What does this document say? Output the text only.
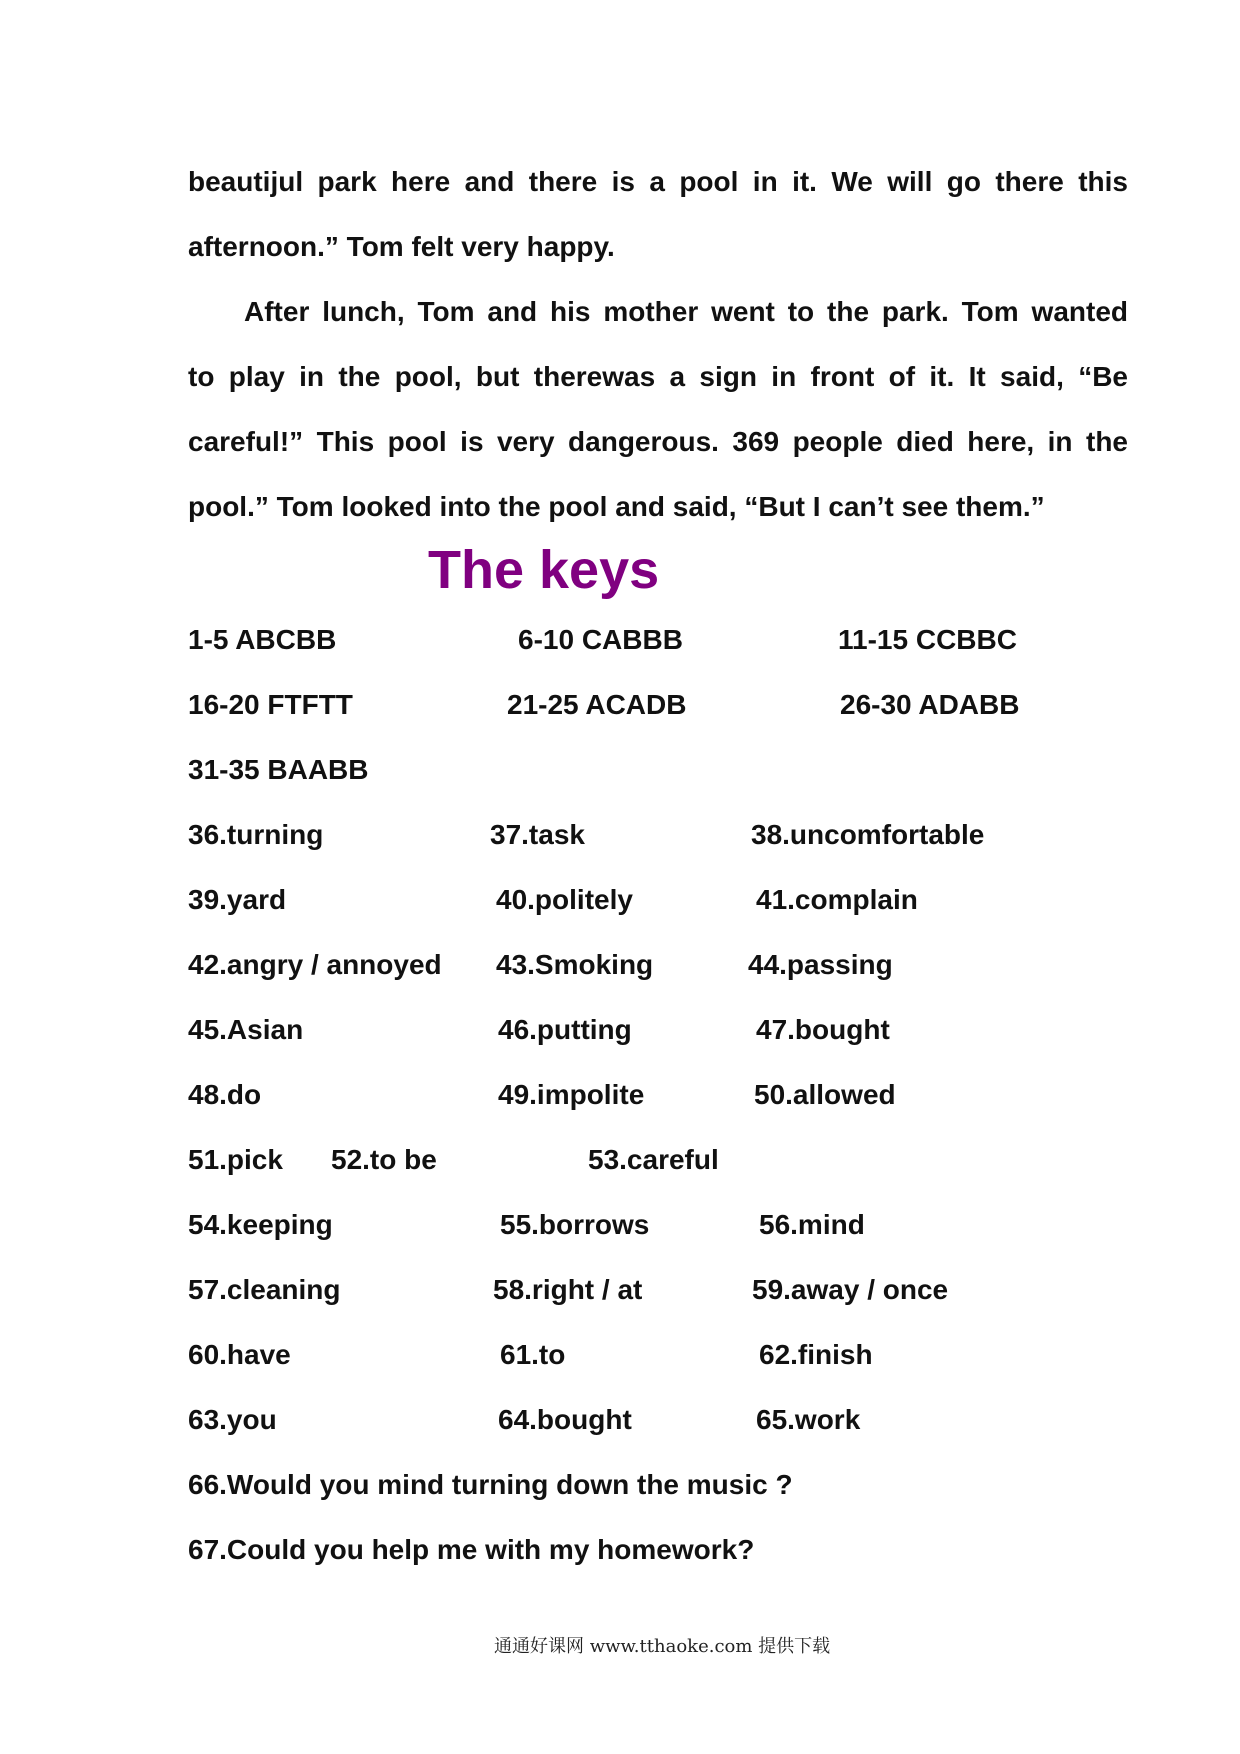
beautijul park here and there is a pool in it. We will go there this
afternoon.” Tom felt very happy.
After lunch, Tom and his mother went to the park. Tom wanted
to play in the pool, but therewas a sign in front of it. It said, “Be
careful!” This pool is very dangerous. 369 people died here, in the
pool.” Tom looked into the pool and said, “But I can’t see them.”
The keys
1-5 ABCBB	6-10 CABBB	11-15 CCBBC
16-20 FTFTT	21-25 ACADB	26-30 ADABB
31-35 BAABB
36.turning	37.task	38.uncomfortable
39.yard	40.politely	41.complain
42.angry / annoyed 43.Smoking	44.passing
45.Asian	46.putting	47.bought
48.do	49.impolite	50.allowed
51.pick 52.to be	53.careful
54.keeping	55.borrows	56.mind
57.cleaning	58.right / at	59.away / once
60.have	61.to	62.finish
63.you	64.bought	65.work
66.Would you mind turning down the music ?
67.Could you help me with my homework?
通通好课网 www.tthaoke.com 提供下载
